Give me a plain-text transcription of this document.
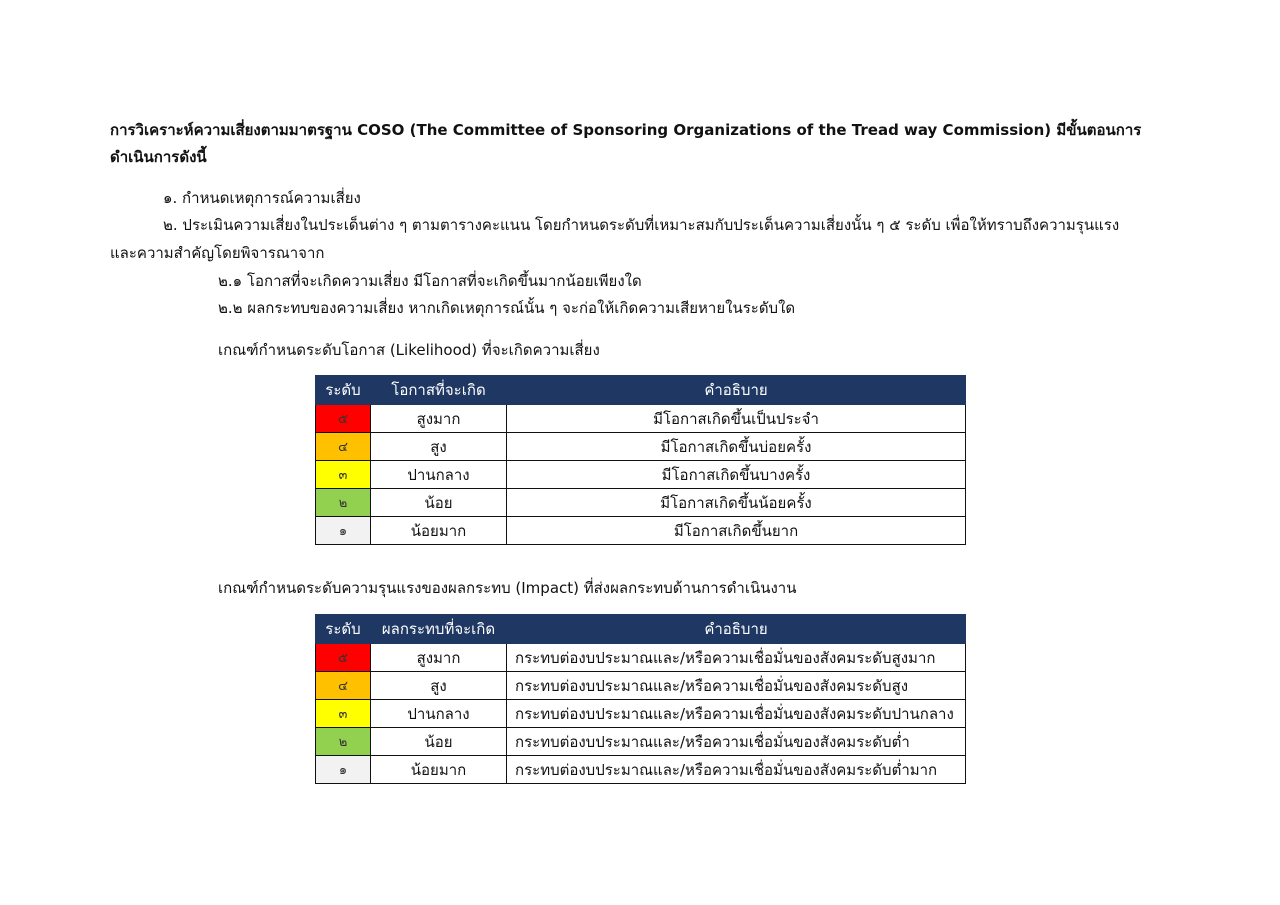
การวิเคราะห์ความเสี่ยงตามมาตรฐาน COSO (The Committee of Sponsoring Organizations of the Tread way Commission) มีขั้นตอนการดำเนินการดังนี้

๑. กำหนดเหตุการณ์ความเสี่ยง

๒. ประเมินความเสี่ยงในประเด็นต่าง ๆ ตามตารางคะแนน โดยกำหนดระดับที่เหมาะสมกับประเด็นความเสี่ยงนั้น ๆ ๕ ระดับ เพื่อให้ทราบถึงความรุนแรง

และความสำคัญโดยพิจารณาจาก

๒.๑ โอกาสที่จะเกิดความเสี่ยง มีโอกาสที่จะเกิดขึ้นมากน้อยเพียงใด

๒.๒ ผลกระทบของความเสี่ยง หากเกิดเหตุการณ์นั้น ๆ จะก่อให้เกิดความเสียหายในระดับใด

เกณฑ์กำหนดระดับโอกาส (Likelihood) ที่จะเกิดความเสี่ยง

ระดับ	โอกาสที่จะเกิด	คำอธิบาย
๕	สูงมาก	มีโอกาสเกิดขึ้นเป็นประจำ
๔	สูง	มีโอกาสเกิดขึ้นบ่อยครั้ง
๓	ปานกลาง	มีโอกาสเกิดขึ้นบางครั้ง
๒	น้อย	มีโอกาสเกิดขึ้นน้อยครั้ง
๑	น้อยมาก	มีโอกาสเกิดขึ้นยาก

เกณฑ์กำหนดระดับความรุนแรงของผลกระทบ (Impact) ที่ส่งผลกระทบด้านการดำเนินงาน

ระดับ	ผลกระทบที่จะเกิด	คำอธิบาย
๕	สูงมาก	กระทบต่องบประมาณและ/หรือความเชื่อมั่นของสังคมระดับสูงมาก
๔	สูง	กระทบต่องบประมาณและ/หรือความเชื่อมั่นของสังคมระดับสูง
๓	ปานกลาง	กระทบต่องบประมาณและ/หรือความเชื่อมั่นของสังคมระดับปานกลาง
๒	น้อย	กระทบต่องบประมาณและ/หรือความเชื่อมั่นของสังคมระดับต่ำ
๑	น้อยมาก	กระทบต่องบประมาณและ/หรือความเชื่อมั่นของสังคมระดับต่ำมาก
